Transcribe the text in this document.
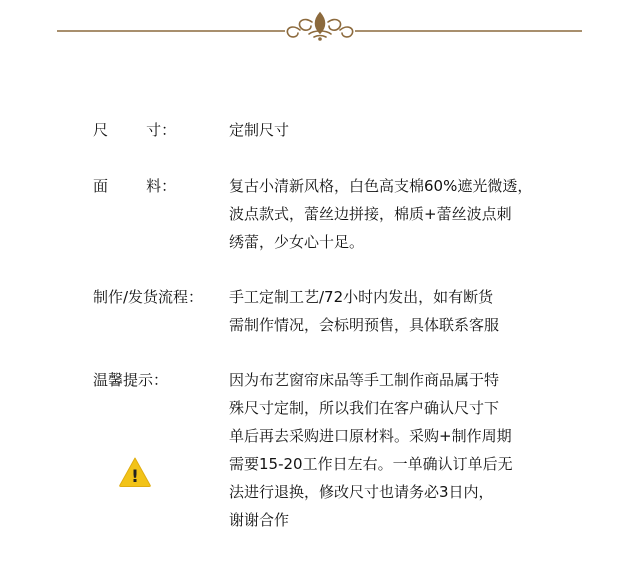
尺        寸：	定制尺寸
面        料：	复古小清新风格，白色高支棉60%遮光微透，
波点款式，蕾丝边拼接，棉质+蕾丝波点刺
绣蕾，少女心十足。
制作/发货流程： 手工定制工艺/72小时内发出，如有断货
需制作情况，会标明预售，具体联系客服
温馨提示：	因为布艺窗帘床品等手工制作商品属于特
殊尺寸定制，所以我们在客户确认尺寸下
单后再去采购进口原材料。采购+制作周期
需要15-20工作日左右。一单确认订单后无
法进行退换，修改尺寸也请务必3日内，
谢谢合作
!
